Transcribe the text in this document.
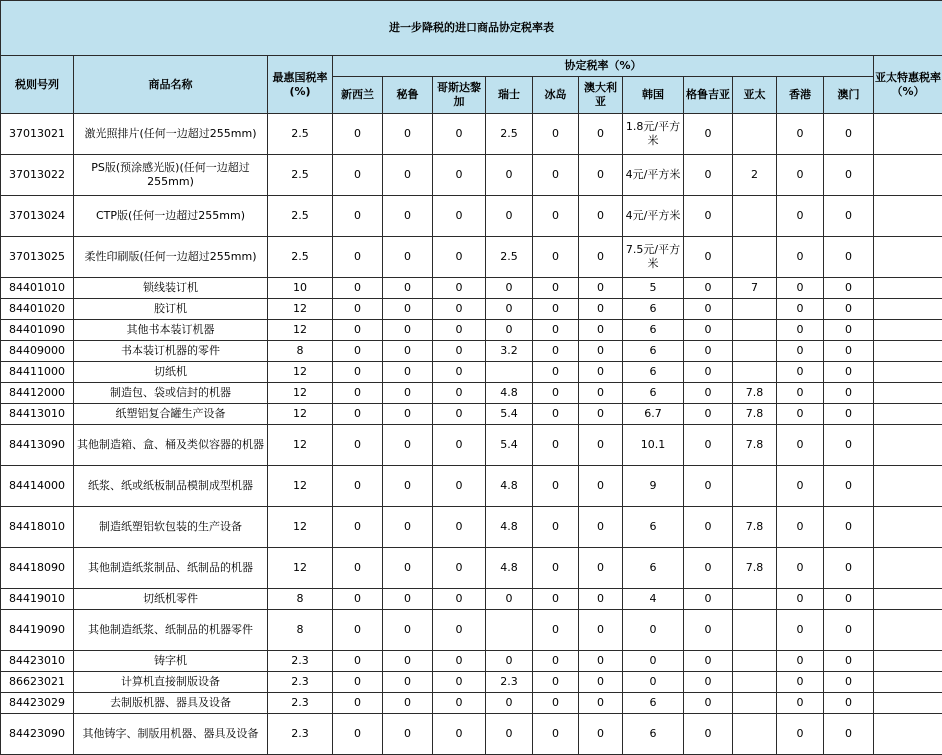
进一步降税的进口商品协定税率表														
税则号列	商品名称	最惠国税率(%)	协定税率（%）											亚太特惠税率（%）
			新西兰	秘鲁	哥斯达黎加	瑞士	冰岛	澳大利亚	韩国	格鲁吉亚	亚太	香港	澳门	
37013021	激光照排片(任何一边超过255mm)	2.5	0	0	0	2.5	0	0	1.8元/平方米	0		0	0	
37013022	PS版(预涂感光版)(任何一边超过255mm)	2.5	0	0	0	0	0	0	4元/平方米	0	2	0	0	
37013024	CTP版(任何一边超过255mm)	2.5	0	0	0	0	0	0	4元/平方米	0		0	0	
37013025	柔性印刷版(任何一边超过255mm)	2.5	0	0	0	2.5	0	0	7.5元/平方米	0		0	0	
84401010	锁线装订机	10	0	0	0	0	0	0	5	0	7	0	0	
84401020	胶订机	12	0	0	0	0	0	0	6	0		0	0	
84401090	其他书本装订机器	12	0	0	0	0	0	0	6	0		0	0	
84409000	书本装订机器的零件	8	0	0	0	3.2	0	0	6	0		0	0	
84411000	切纸机	12	0	0	0		0	0	6	0		0	0	
84412000	制造包、袋或信封的机器	12	0	0	0	4.8	0	0	6	0	7.8	0	0	
84413010	纸塑铝复合罐生产设备	12	0	0	0	5.4	0	0	6.7	0	7.8	0	0	
84413090	其他制造箱、盒、桶及类似容器的机器	12	0	0	0	5.4	0	0	10.1	0	7.8	0	0	
84414000	纸浆、纸或纸板制品模制成型机器	12	0	0	0	4.8	0	0	9	0		0	0	
84418010	制造纸塑铝软包装的生产设备	12	0	0	0	4.8	0	0	6	0	7.8	0	0	
84418090	其他制造纸浆制品、纸制品的机器	12	0	0	0	4.8	0	0	6	0	7.8	0	0	
84419010	切纸机零件	8	0	0	0	0	0	0	4	0		0	0	
84419090	其他制造纸浆、纸制品的机器零件	8	0	0	0		0	0	0	0		0	0	
84423010	铸字机	2.3	0	0	0	0	0	0	0	0		0	0	
86623021	计算机直接制版设备	2.3	0	0	0	2.3	0	0	0	0		0	0	
84423029	去制版机器、器具及设备	2.3	0	0	0	0	0	0	6	0		0	0	
84423090	其他铸字、制版用机器、器具及设备	2.3	0	0	0	0	0	0	6	0		0	0	
